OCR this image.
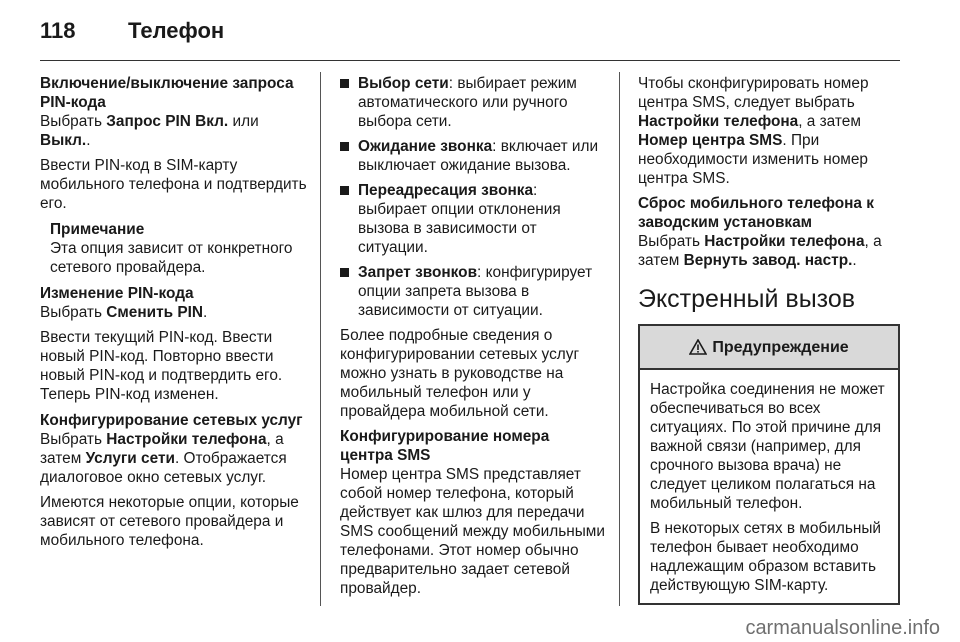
118 Телефон
Включение/выключение запроса PIN-кода

Выбрать Запрос PIN Вкл. или Выкл..

Ввести PIN-код в SIM-карту мобильного телефона и подтвердить его.

Примечание
Эта опция зависит от конкретного сетевого провайдера.
Изменение PIN-кода

Выбрать Сменить PIN.

Ввести текущий PIN-код. Ввести новый PIN-код. Повторно ввести новый PIN-код и подтвердить его. Теперь PIN-код изменен.

Конфигурирование сетевых услуг

Выбрать Настройки телефона, а затем Услуги сети. Отображается диалоговое окно сетевых услуг.

Имеются некоторые опции, которые зависят от сетевого провайдера и мобильного телефона.

Выбор сети: выбирает режим автоматического или ручного выбора сети.
Ожидание звонка: включает или выключает ожидание вызова.
Переадресация звонка: выбирает опции отклонения вызова в зависимости от ситуации.
Запрет звонков: конфигурирует опции запрета вызова в зависимости от ситуации.

Более подробные сведения о конфигурировании сетевых услуг можно узнать в руководстве на мобильный телефон или у провайдера мобильной сети.

Конфигурирование номера центра SMS

Номер центра SMS представляет собой номер телефона, который действует как шлюз для передачи SMS сообщений между мобильными телефонами. Этот номер обычно предварительно задает сетевой провайдер.

Чтобы сконфигурировать номер центра SMS, следует выбрать Настройки телефона, а затем Номер центра SMS. При необходимости изменить номер центра SMS.

Сброс мобильного телефона к заводским установкам

Выбрать Настройки телефона, а затем Вернуть завод. настр..

Экстренный вызов
Предупреждение

Настройка соединения не может обеспечиваться во всех ситуациях. По этой причине для важной связи (например, для срочного вызова врача) не следует целиком полагаться на мобильный телефон.

В некоторых сетях в мобильный телефон бывает необходимо надлежащим образом вставить действующую SIM-карту.

carmanualsonline.info
